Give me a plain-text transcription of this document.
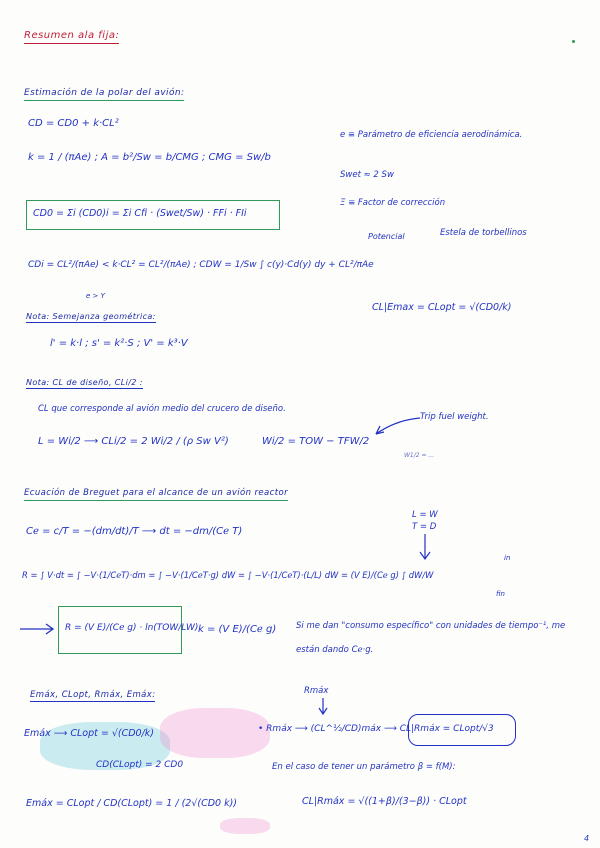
Resumen ala fija:
Estimación de la polar del avión:
CD = CD0 + k·CL²
e ≡ Parámetro de eficiencia aerodinámica.
k = 1 / (πAe) ; A = b²/Sw = b/CMG ; CMG = Sw/b
Swet ≈ 2 Sw
Ξ ≡ Factor de corrección
CD0 = Σi (CD0)i = Σi Cfi · (Swet/Sw) · FFi · FIi
Potencial	Estela de torbellinos
CDi = CL²/(πAe) < k·CL² = CL²/(πAe) ; CDW = 1/Sw ∫ c(y)·Cd(y) dy + CL²/πAe
e > Y
CL|Emax = CLopt = √(CD0/k)
Nota: Semejanza geométrica:
l' = k·l ; s' = k²·S ; V' = k³·V
Nota: CL de diseño, CLi/2 :
CL que corresponde al avión medio del crucero de diseño.
Trip fuel weight.
L = Wi/2 ⟶ CLi/2 = 2 Wi/2 / (ρ Sw V²)	Wi/2 = TOW − TFW/2
W1/2 = ...
Ecuación de Breguet para el alcance de un avión reactor
L = W
T = D
Cℯ = c/T = −(dm/dt)/T ⟶ dt = −dm/(Cℯ T)
R = ∫ V·dt = ∫ −V·(1/CℯT)·dm = ∫ −V·(1/CℯT·g) dW = ∫ −V·(1/CℯT)·(L/L) dW = (V E)/(Cℯ g) ∫ dW/W
in
fin
R = (V E)/(Cℯ g) · ln(TOW/LW) k = (V E)/(Cℯ g) Si me dan "consumo específico" con unidades de tiempo⁻¹, me están dando Cℯ·g.
Emáx, CLopt, Rmáx, Emáx:	Rmáx
Emáx ⟶ CLopt = √(CD0/k)
CD(CLopt) = 2 CD0
• Rmáx ⟶ (CL^½/CD)máx ⟶ CL|Rmáx = CLopt/√3
En el caso de tener un parámetro β = f(M):
Emáx = CLopt / CD(CLopt) = 1 / (2√(CD0 k))	CL|Rmáx = √((1+β)/(3−β)) · CLopt
4
